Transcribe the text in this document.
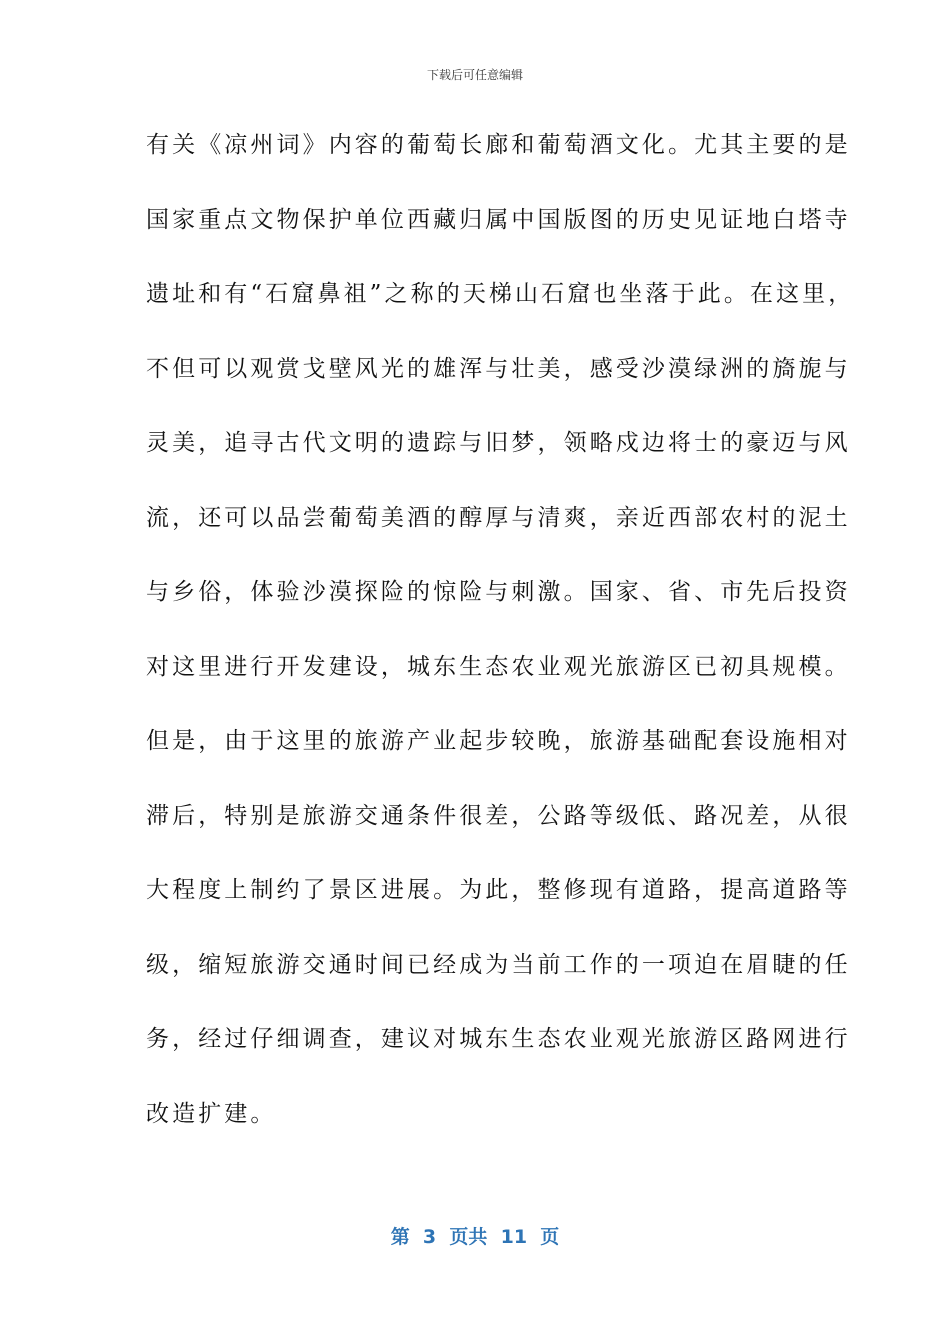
下载后可任意编辑
有关《凉州词》内容的葡萄长廊和葡萄酒文化。尤其主要的是
国家重点文物保护单位西藏归属中国版图的历史见证地白塔寺
遗址和有“石窟鼻祖”之称的天梯山石窟也坐落于此。在这里，
不但可以观赏戈壁风光的雄浑与壮美，感受沙漠绿洲的旖旎与
灵美，追寻古代文明的遗踪与旧梦，领略戍边将士的豪迈与风
流，还可以品尝葡萄美酒的醇厚与清爽，亲近西部农村的泥土
与乡俗，体验沙漠探险的惊险与刺激。国家、省、市先后投资
对这里进行开发建设，城东生态农业观光旅游区已初具规模。
但是，由于这里的旅游产业起步较晚，旅游基础配套设施相对
滞后，特别是旅游交通条件很差，公路等级低、路况差，从很
大程度上制约了景区进展。为此，整修现有道路，提高道路等
级，缩短旅游交通时间已经成为当前工作的一项迫在眉睫的任
务，经过仔细调查，建议对城东生态农业观光旅游区路网进行
改造扩建。
第  3  页共  11  页
